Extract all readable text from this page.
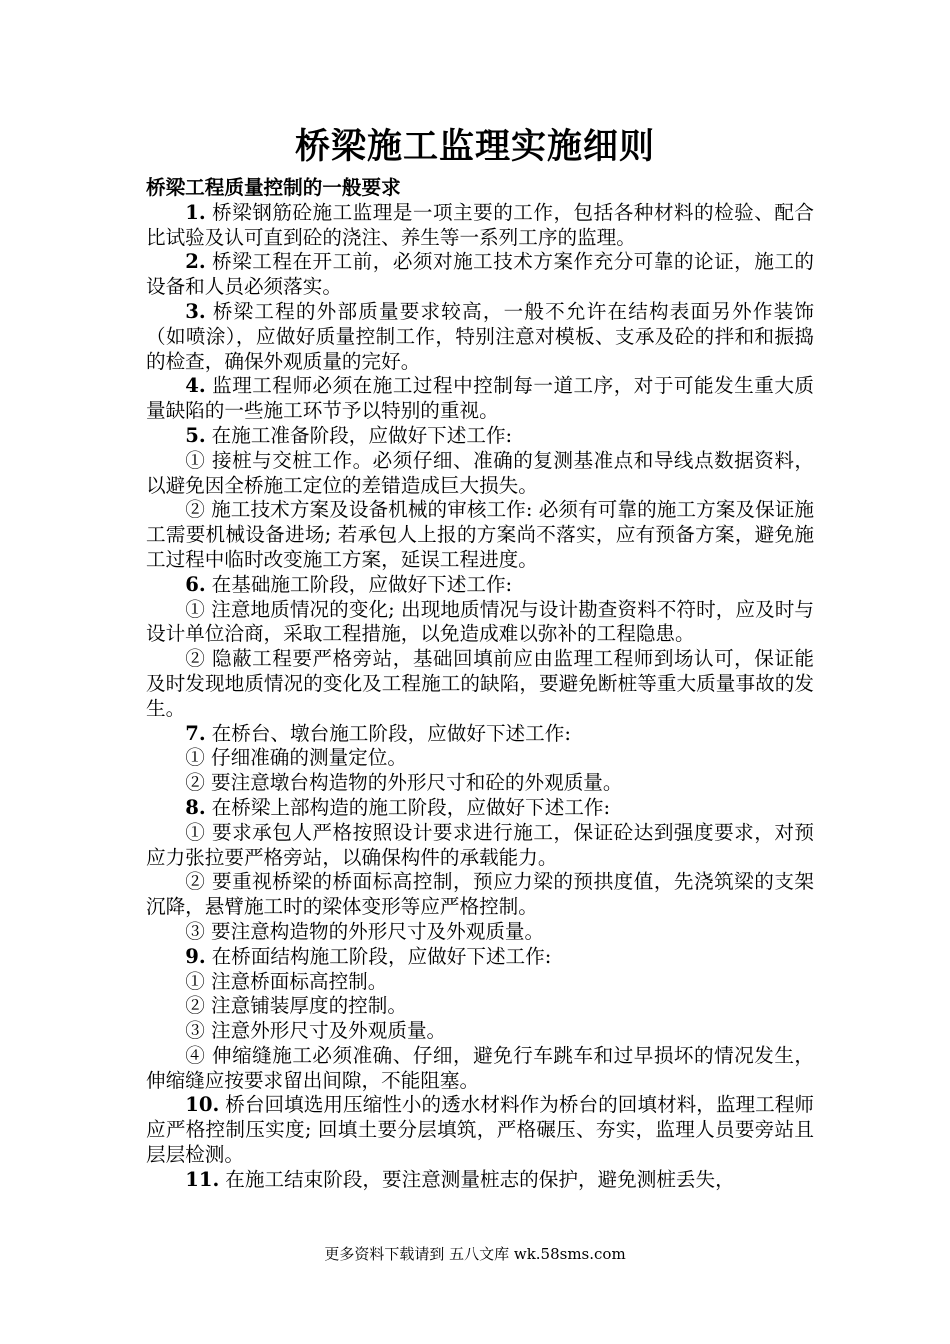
桥梁施工监理实施细则

桥梁工程质量控制的一般要求

1. 桥梁钢筋砼施工监理是一项主要的工作，包括各种材料的检验、配合比试验及认可直到砼的浇注、养生等一系列工序的监理。

2. 桥梁工程在开工前，必须对施工技术方案作充分可靠的论证，施工的设备和人员必须落实。

3. 桥梁工程的外部质量要求较高，一般不允许在结构表面另外作装饰（如喷涂），应做好质量控制工作，特别注意对模板、支承及砼的拌和和振捣的检查，确保外观质量的完好。

4. 监理工程师必须在施工过程中控制每一道工序，对于可能发生重大质量缺陷的一些施工环节予以特别的重视。

5. 在施工准备阶段，应做好下述工作:

① 接桩与交桩工作。必须仔细、准确的复测基准点和导线点数据资料，以避免因全桥施工定位的差错造成巨大损失。

② 施工技术方案及设备机械的审核工作: 必须有可靠的施工方案及保证施工需要机械设备进场; 若承包人上报的方案尚不落实，应有预备方案，避免施工过程中临时改变施工方案，延误工程进度。

6. 在基础施工阶段，应做好下述工作:

① 注意地质情况的变化; 出现地质情况与设计勘查资料不符时，应及时与设计单位洽商，采取工程措施，以免造成难以弥补的工程隐患。

② 隐蔽工程要严格旁站，基础回填前应由监理工程师到场认可，保证能及时发现地质情况的变化及工程施工的缺陷，要避免断桩等重大质量事故的发生。

7. 在桥台、墩台施工阶段，应做好下述工作:

① 仔细准确的测量定位。

② 要注意墩台构造物的外形尺寸和砼的外观质量。

8. 在桥梁上部构造的施工阶段，应做好下述工作:

① 要求承包人严格按照设计要求进行施工，保证砼达到强度要求，对预应力张拉要严格旁站，以确保构件的承载能力。

② 要重视桥梁的桥面标高控制，预应力梁的预拱度值，先浇筑梁的支架沉降，悬臂施工时的梁体变形等应严格控制。

③ 要注意构造物的外形尺寸及外观质量。

9. 在桥面结构施工阶段，应做好下述工作:

① 注意桥面标高控制。

② 注意铺装厚度的控制。

③ 注意外形尺寸及外观质量。

④ 伸缩缝施工必须准确、仔细，避免行车跳车和过早损坏的情况发生，伸缩缝应按要求留出间隙，不能阻塞。

10. 桥台回填选用压缩性小的透水材料作为桥台的回填材料，监理工程师应严格控制压实度; 回填土要分层填筑，严格碾压、夯实，监理人员要旁站且层层检测。

11. 在施工结束阶段，要注意测量桩志的保护，避免测桩丢失，

更多资料下载请到 五八文库 wk.58sms.com
